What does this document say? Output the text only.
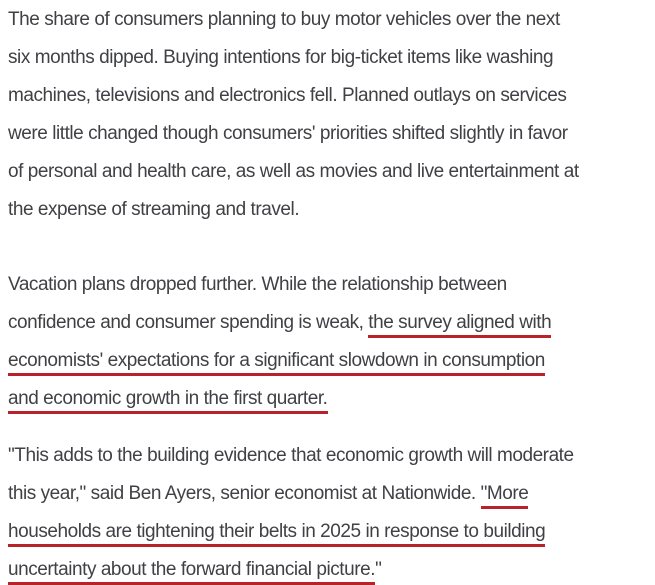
The share of consumers planning to buy motor vehicles over the next
six months dipped. Buying intentions for big-ticket items like washing
machines, televisions and electronics fell. Planned outlays on services
were little changed though consumers' priorities shifted slightly in favor
of personal and health care, as well as movies and live entertainment at
the expense of streaming and travel.
Vacation plans dropped further. While the relationship between
confidence and consumer spending is weak, the survey aligned with
economists' expectations for a significant slowdown in consumption
and economic growth in the first quarter.
"This adds to the building evidence that economic growth will moderate
this year," said Ben Ayers, senior economist at Nationwide. "More
households are tightening their belts in 2025 in response to building
uncertainty about the forward financial picture."
